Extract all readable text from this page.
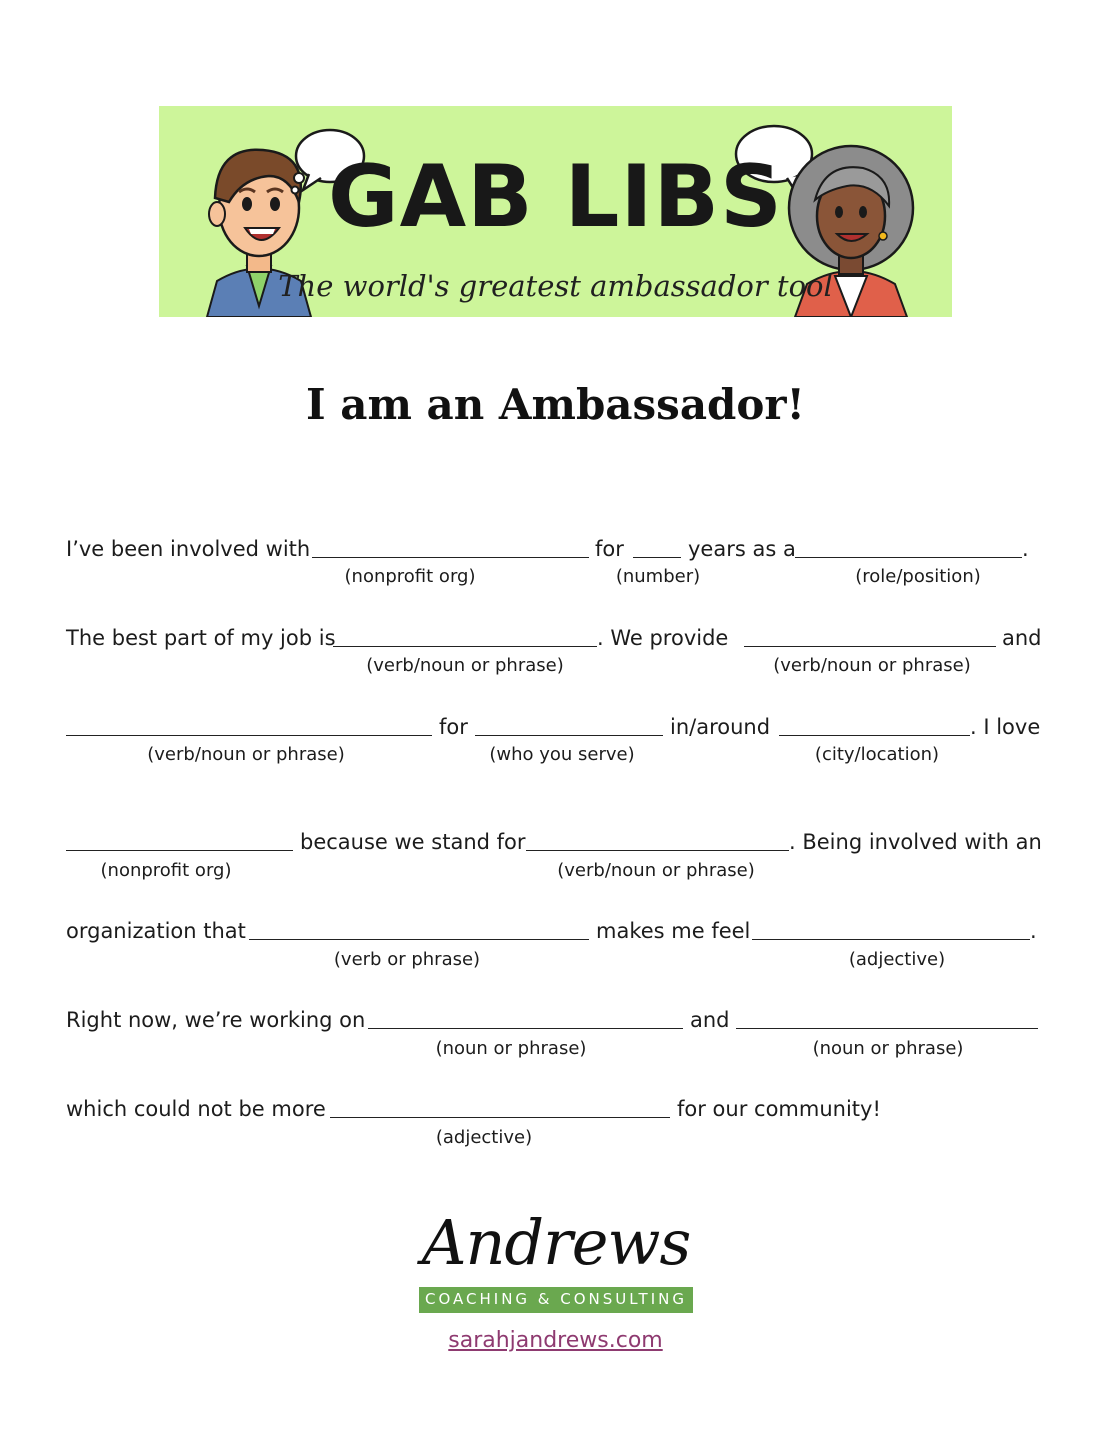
GAB LIBS
The world's greatest ambassador tool
I am an Ambassador!
I’ve been involved with	for	years as a	.
(nonprofit org)	(number)	(role/position)
The best part of my job is	. We provide	and
(verb/noun or phrase)	(verb/noun or phrase)
for	in/around	. I love
(verb/noun or phrase)	(who you serve)	(city/location)
because we stand for	. Being involved with an
(nonprofit org)	(verb/noun or phrase)
organization that	makes me feel	.
(verb or phrase)	(adjective)
Right now, we’re working on	and
(noun or phrase)	(noun or phrase)
which could not be more	for our community!
(adjective)
Andrews
COACHING & CONSULTING
sarahjandrews.com
